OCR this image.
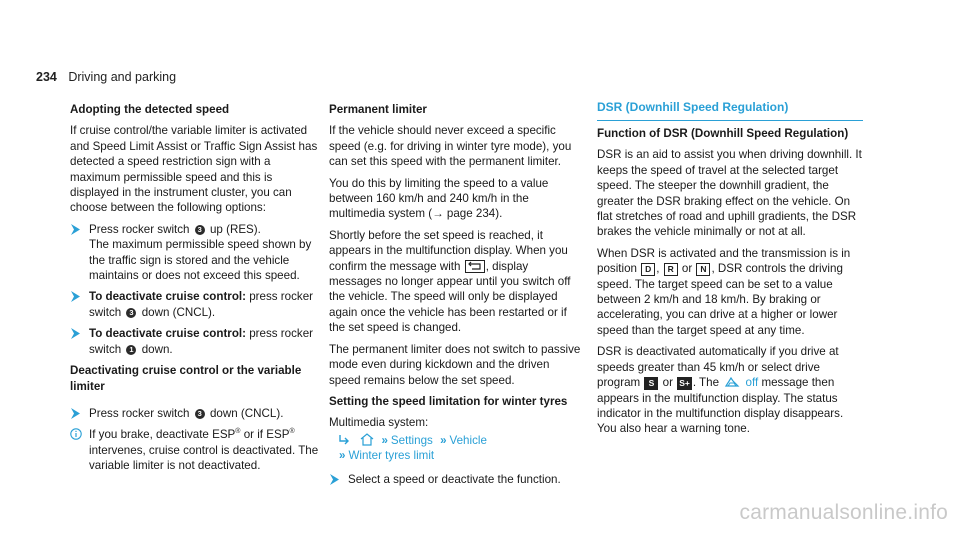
234 Driving and parking

Adopting the detected speed

If cruise control/the variable limiter is activated and Speed Limit Assist or Traffic Sign Assist has detected a speed restriction sign with a maximum permissible speed and this is displayed in the instrument cluster, you can choose between the following options:

Press rocker switch 3 up (RES).
The maximum permissible speed shown by the traffic sign is stored and the vehicle maintains or does not exceed this speed.
To deactivate cruise control: press rocker switch 3 down (CNCL).
To deactivate cruise control: press rocker switch 1 down.

Deactivating cruise control or the variable limiter

Press rocker switch 3 down (CNCL).
If you brake, deactivate ESP® or if ESP® intervenes, cruise control is deactivated. The variable limiter is not deactivated.

Permanent limiter

If the vehicle should never exceed a specific speed (e.g. for driving in winter tyre mode), you can set this speed with the permanent limiter.

You do this by limiting the speed to a value between 160 km/h and 240 km/h in the multimedia system (→ page 234).

Shortly before the set speed is reached, it appears in the multifunction display. When you confirm the message with , display messages no longer appear until you switch off the vehicle. The speed will only be displayed again once the vehicle has been restarted or if the set speed is changed.

The permanent limiter does not switch to passive mode even during kickdown and the driven speed remains below the set speed.

Setting the speed limitation for winter tyres

Multimedia system:

» Settings » Vehicle
» Winter tyres limit
Select a speed or deactivate the function.
DSR (Downhill Speed Regulation)

Function of DSR (Downhill Speed Regulation)

DSR is an aid to assist you when driving downhill. It keeps the speed of travel at the selected target speed. The steeper the downhill gradient, the greater the DSR braking effect on the vehicle. On flat stretches of road and uphill gradients, the DSR brakes the vehicle minimally or not at all.

When DSR is activated and the transmission is in position D , R or N , DSR controls the driving speed. The target speed can be set to a value between 2 km/h and 18 km/h. By braking or accelerating, you can drive at a higher or lower speed than the target speed at any time.

DSR is deactivated automatically if you drive at speeds greater than 45 km/h or select drive program S or S+ . The off message then appears in the multifunction display. The status indicator in the multifunction display disappears. You also hear a warning tone.

carmanualsonline.info
